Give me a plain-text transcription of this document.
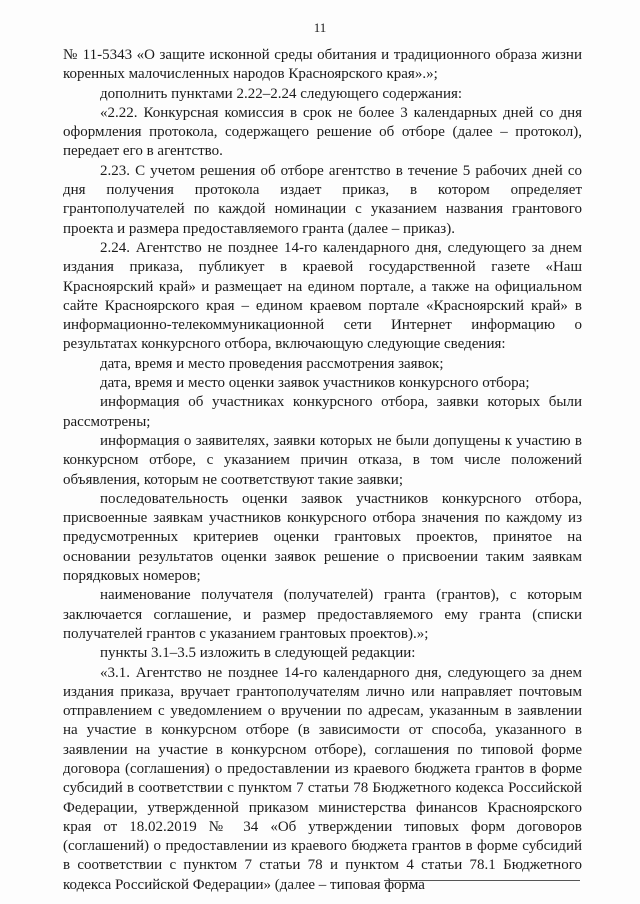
11

№ 11-5343 «О защите исконной среды обитания и традиционного образа жизни коренных малочисленных народов Красноярского края».»;

дополнить пунктами 2.22–2.24 следующего содержания:

«2.22. Конкурсная комиссия в срок не более 3 календарных дней со дня оформления протокола, содержащего решение об отборе (далее – протокол), передает его в агентство.

2.23. С учетом решения об отборе агентство в течение 5 рабочих дней со дня получения протокола издает приказ, в котором определяет грантополучателей по каждой номинации с указанием названия грантового проекта и размера предоставляемого гранта (далее – приказ).

2.24. Агентство не позднее 14-го календарного дня, следующего за днем издания приказа, публикует в краевой государственной газете «Наш Красноярский край» и размещает на едином портале, а также на официальном сайте Красноярского края – едином краевом портале «Красноярский край» в информационно-телекоммуникационной сети Интернет информацию о результатах конкурсного отбора, включающую следующие сведения:

дата, время и место проведения рассмотрения заявок;

дата, время и место оценки заявок участников конкурсного отбора;

информация об участниках конкурсного отбора, заявки которых были рассмотрены;

информация о заявителях, заявки которых не были допущены к участию в конкурсном отборе, с указанием причин отказа, в том числе положений объявления, которым не соответствуют такие заявки;

последовательность оценки заявок участников конкурсного отбора, присвоенные заявкам участников конкурсного отбора значения по каждому из предусмотренных критериев оценки грантовых проектов, принятое на основании результатов оценки заявок решение о присвоении таким заявкам порядковых номеров;

наименование получателя (получателей) гранта (грантов), с которым заключается соглашение, и размер предоставляемого ему гранта (списки получателей грантов с указанием грантовых проектов).»;

пункты 3.1–3.5 изложить в следующей редакции:

«3.1. Агентство не позднее 14-го календарного дня, следующего за днем издания приказа, вручает грантополучателям лично или направляет почтовым отправлением с уведомлением о вручении по адресам, указанным в заявлении на участие в конкурсном отборе (в зависимости от способа, указанного в заявлении на участие в конкурсном отборе), соглашения по типовой форме договора (соглашения) о предоставлении из краевого бюджета грантов в форме субсидий в соответствии с пунктом 7 статьи 78 Бюджетного кодекса Российской Федерации, утвержденной приказом министерства финансов Красноярского края от 18.02.2019 № 34 «Об утверждении типовых форм договоров (соглашений) о предоставлении из краевого бюджета грантов в форме субсидий в соответствии с пунктом 7 статьи 78 и пунктом 4 статьи 78.1 Бюджетного кодекса Российской Федерации» (далее – типовая форма
